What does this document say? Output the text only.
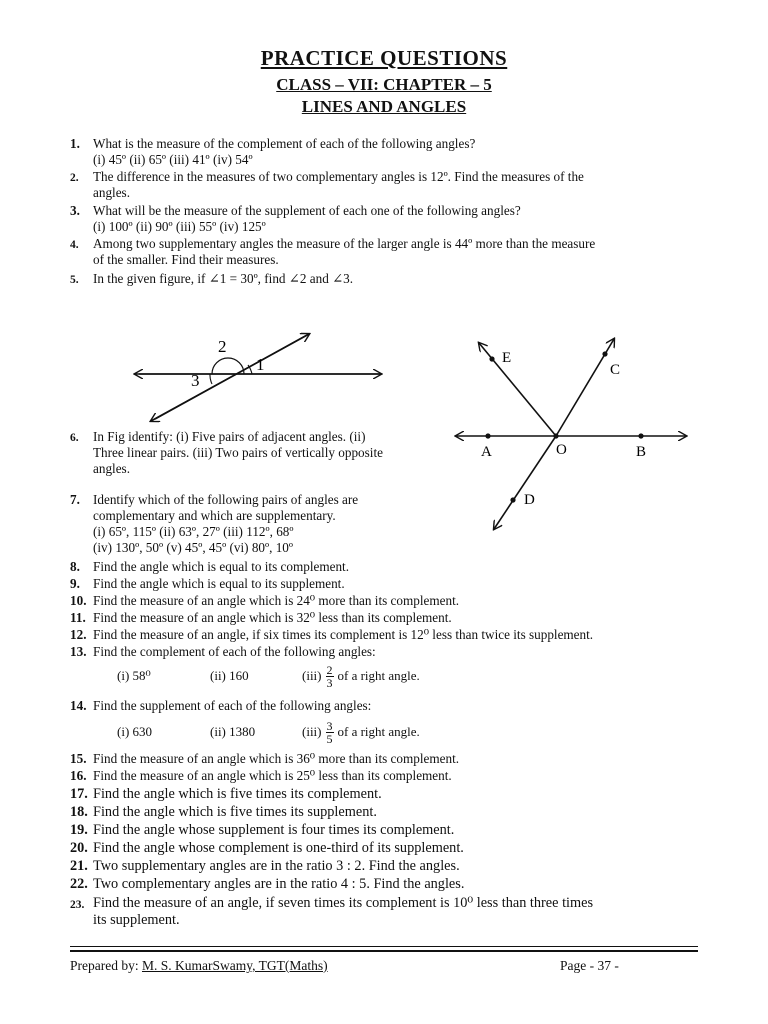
PRACTICE QUESTIONS
CLASS – VII: CHAPTER – 5
LINES AND ANGLES
1. What is the measure of the complement of each of the following angles?
(i) 45º (ii) 65º (iii) 41º (iv) 54º
2. The difference in the measures of two complementary angles is 12º. Find the measures of the
angles.
3. What will be the measure of the supplement of each one of the following angles?
(i) 100º (ii) 90º (iii) 55º (iv) 125º
4. Among two supplementary angles the measure of the larger angle is 44º more than the measure
of the smaller. Find their measures.
5. In the given figure, if ∠1 = 30º, find ∠2 and ∠3.
2
1
3
A	B
C
D
E
O
6. In Fig identify: (i) Five pairs of adjacent angles. (ii)
Three linear pairs. (iii) Two pairs of vertically opposite
angles.
7. Identify which of the following pairs of angles are
complementary and which are supplementary.
(i) 65º, 115º (ii) 63º, 27º (iii) 112º, 68º
(iv) 130º, 50º (v) 45º, 45º (vi) 80º, 10º
8. Find the angle which is equal to its complement.
9. Find the angle which is equal to its supplement.
10. Find the measure of an angle which is 24⁰ more than its complement.
11. Find the measure of an angle which is 32⁰ less than its complement.
12. Find the measure of an angle, if six times its complement is 12⁰ less than twice its supplement.
13. Find the complement of each of the following angles:
(i) 58⁰	(ii) 160	$(iii) \frac{2}{3}$ of a right angle.
14. Find the supplement of each of the following angles:
(i) 630	(ii) 1380	$(iii) \frac{3}{5}$ of a right angle.
15. Find the measure of an angle which is 36⁰ more than its complement.
16. Find the measure of an angle which is 25⁰ less than its complement.
17. Find the angle which is five times its complement.
18. Find the angle which is five times its supplement.
19. Find the angle whose supplement is four times its complement.
20. Find the angle whose complement is one-third of its supplement.
21. Two supplementary angles are in the ratio 3 : 2. Find the angles.
22. Two complementary angles are in the ratio 4 : 5. Find the angles.
23. Find the measure of an angle, if seven times its complement is 10⁰ less than three times
its supplement.
Prepared by: M. S. KumarSwamy, TGT(Maths)	Page - 37 -
